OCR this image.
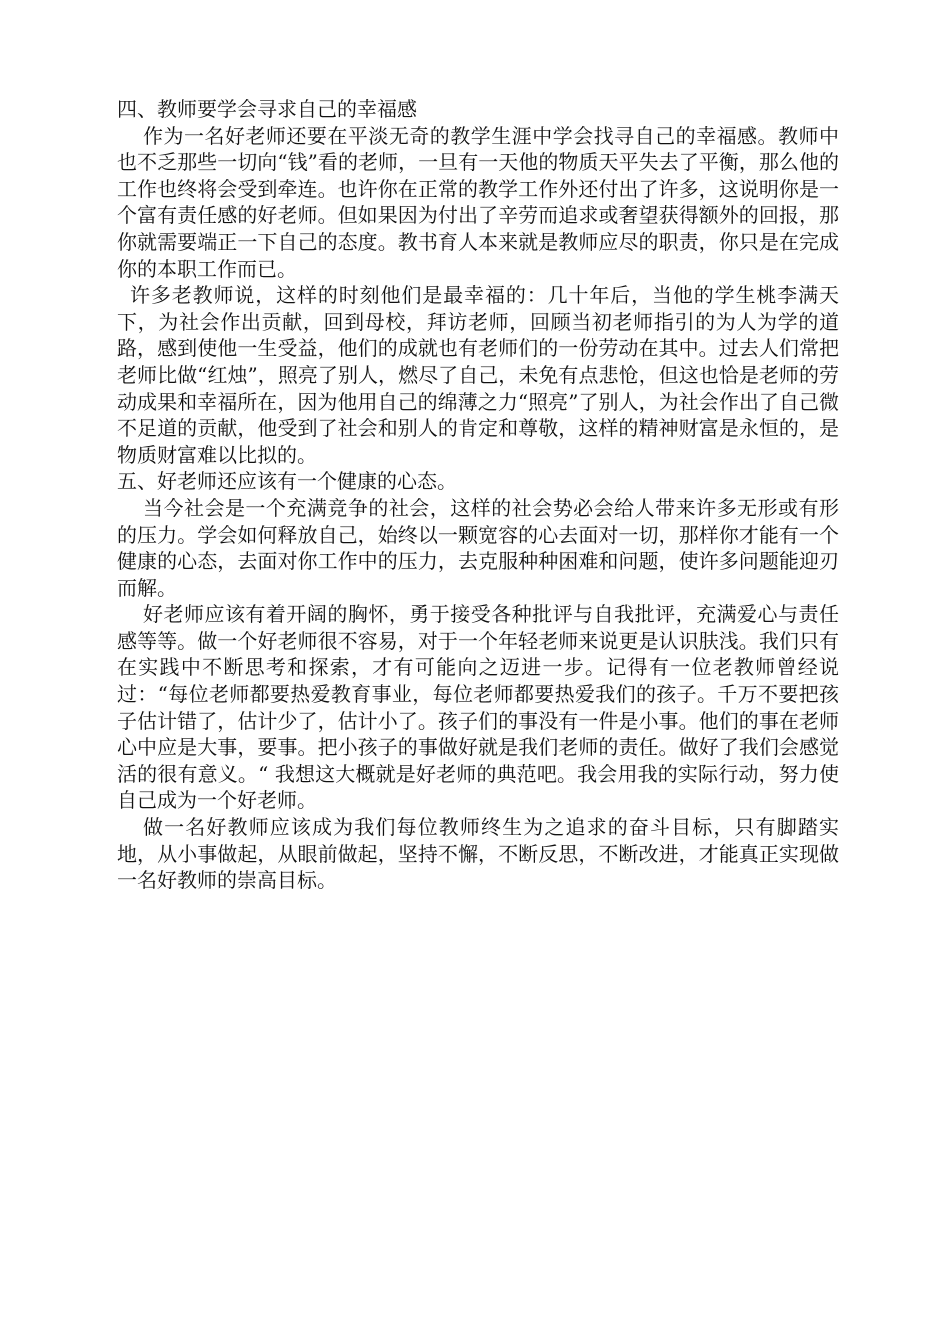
四、教师要学会寻求自己的幸福感

作为一名好老师还要在平淡无奇的教学生涯中学会找寻自己的幸福感。教师中也不乏那些一切向“钱”看的老师，一旦有一天他的物质天平失去了平衡，那么他的工作也终将会受到牵连。也许你在正常的教学工作外还付出了许多，这说明你是一个富有责任感的好老师。但如果因为付出了辛劳而追求或奢望获得额外的回报，那你就需要端正一下自己的态度。教书育人本来就是教师应尽的职责，你只是在完成你的本职工作而已。

许多老教师说，这样的时刻他们是最幸福的：几十年后，当他的学生桃李满天下，为社会作出贡献，回到母校，拜访老师，回顾当初老师指引的为人为学的道路，感到使他一生受益，他们的成就也有老师们的一份劳动在其中。过去人们常把老师比做“红烛”，照亮了别人，燃尽了自己，未免有点悲怆，但这也恰是老师的劳动成果和幸福所在，因为他用自己的绵薄之力“照亮”了别人，为社会作出了自己微不足道的贡献，他受到了社会和别人的肯定和尊敬，这样的精神财富是永恒的，是物质财富难以比拟的。

五、好老师还应该有一个健康的心态。

当今社会是一个充满竞争的社会，这样的社会势必会给人带来许多无形或有形的压力。学会如何释放自己，始终以一颗宽容的心去面对一切，那样你才能有一个健康的心态，去面对你工作中的压力，去克服种种困难和问题，使许多问题能迎刃而解。

好老师应该有着开阔的胸怀，勇于接受各种批评与自我批评，充满爱心与责任感等等。做一个好老师很不容易，对于一个年轻老师来说更是认识肤浅。我们只有在实践中不断思考和探索，才有可能向之迈进一步。记得有一位老教师曾经说过：“每位老师都要热爱教育事业，每位老师都要热爱我们的孩子。千万不要把孩子估计错了，估计少了，估计小了。孩子们的事没有一件是小事。他们的事在老师心中应是大事，要事。把小孩子的事做好就是我们老师的责任。做好了我们会感觉活的很有意义。“ 我想这大概就是好老师的典范吧。我会用我的实际行动，努力使自己成为一个好老师。

做一名好教师应该成为我们每位教师终生为之追求的奋斗目标，只有脚踏实地，从小事做起，从眼前做起，坚持不懈，不断反思，不断改进，才能真正实现做一名好教师的崇高目标。
